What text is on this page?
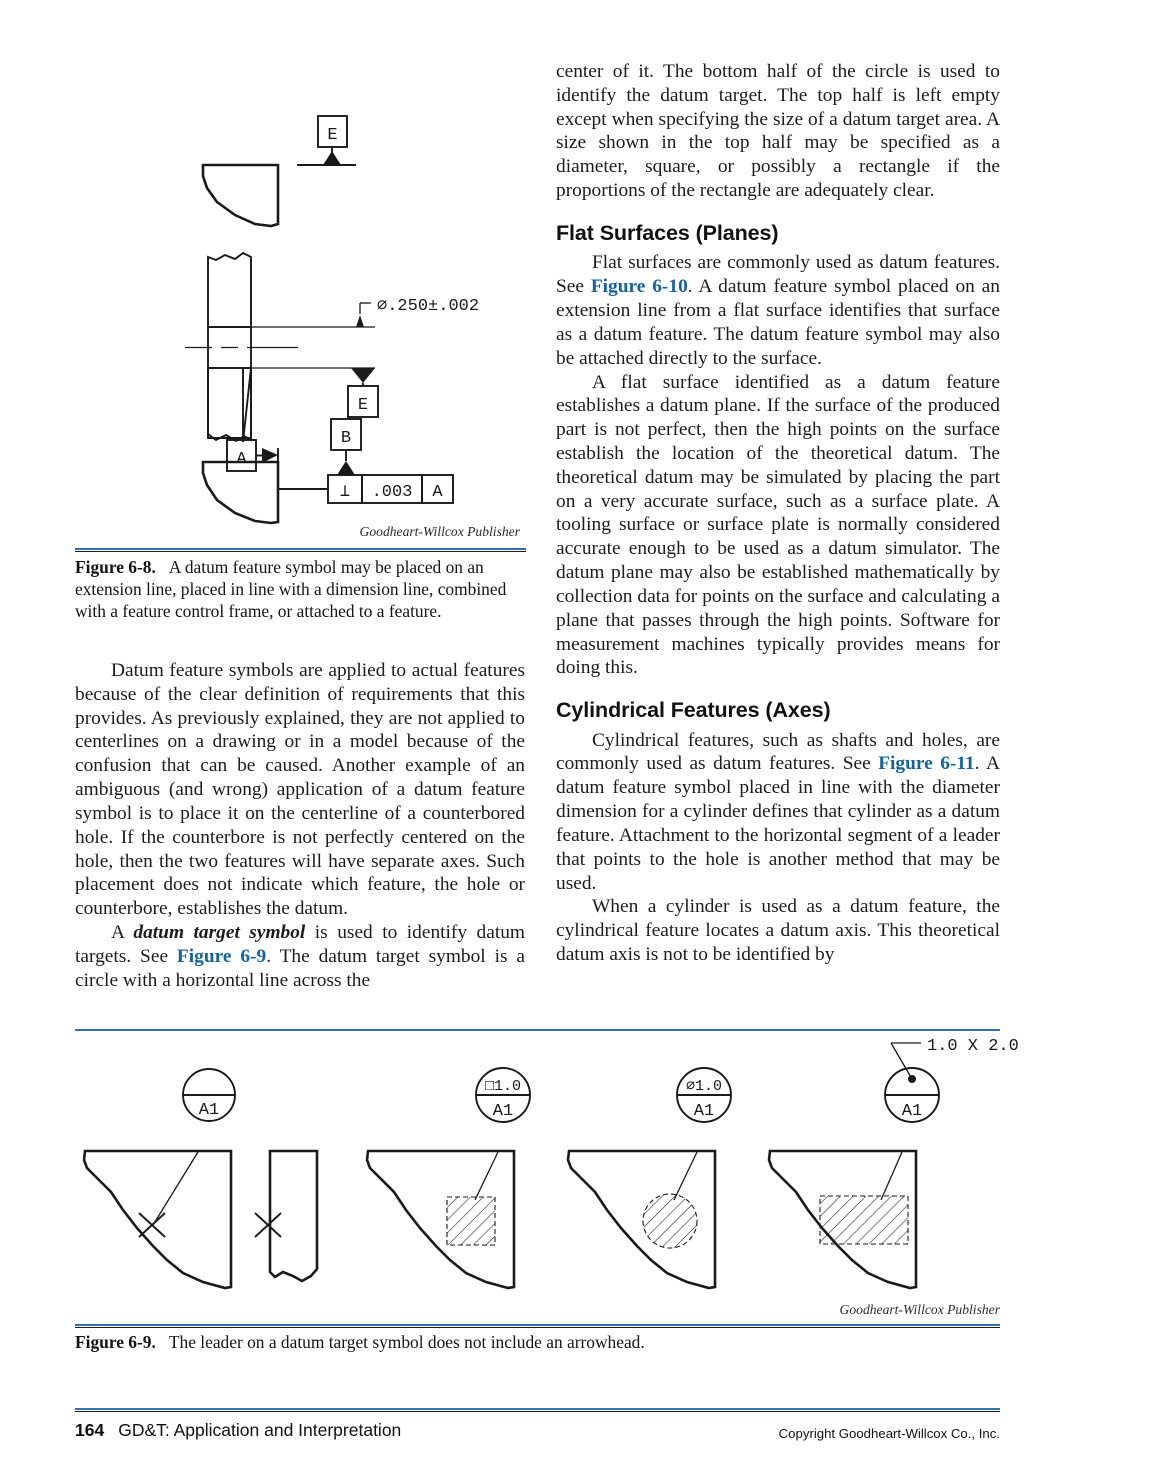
E
⌀.250±.002
E
A
⊥ .003 A
B
Goodheart-Willcox Publisher
Figure 6-8. A datum feature symbol may be placed on an extension line, placed in line with a dimension line, combined with a feature control frame, or attached to a feature.

Datum feature symbols are applied to actual features because of the clear definition of requirements that this provides. As previously explained, they are not applied to centerlines on a drawing or in a model because of the confusion that can be caused. Another example of an ambiguous (and wrong) application of a datum feature symbol is to place it on the centerline of a counterbored hole. If the counterbore is not perfectly centered on the hole, then the two features will have separate axes. Such placement does not indicate which feature, the hole or counterbore, establishes the datum.

A datum target symbol is used to identify datum targets. See Figure 6-9. The datum target symbol is a circle with a horizontal line across the

center of it. The bottom half of the circle is used to identify the datum target. The top half is left empty except when specifying the size of a datum target area. A size shown in the top half may be specified as a diameter, square, or possibly a rectangle if the proportions of the rectangle are adequately clear.

Flat Surfaces (Planes)

Flat surfaces are commonly used as datum features. See Figure 6-10. A datum feature symbol placed on an extension line from a flat surface identifies that surface as a datum feature. The datum feature symbol may also be attached directly to the surface.

A flat surface identified as a datum feature establishes a datum plane. If the surface of the produced part is not perfect, then the high points on the surface establish the location of the theoretical datum. The theoretical datum may be simulated by placing the part on a very accurate surface, such as a surface plate. A tooling surface or surface plate is normally considered accurate enough to be used as a datum simulator. The datum plane may also be established mathematically by collection data for points on the surface and calculating a plane that passes through the high points. Software for measurement machines typically provides means for doing this.

Cylindrical Features (Axes)

Cylindrical features, such as shafts and holes, are commonly used as datum features. See Figure 6-11. A datum feature symbol placed in line with the diameter dimension for a cylinder defines that cylinder as a datum feature. Attachment to the horizontal segment of a leader that points to the hole is another method that may be used.

When a cylinder is used as a datum feature, the cylindrical feature locates a datum axis. This theoretical datum axis is not to be identified by

A1
□1.0
A1
⌀1.0
A1	A1
1.0 X 2.0
Goodheart-Willcox Publisher
Figure 6-9. The leader on a datum target symbol does not include an arrowhead.
164 GD&T: Application and Interpretation	Copyright Goodheart-Willcox Co., Inc.
